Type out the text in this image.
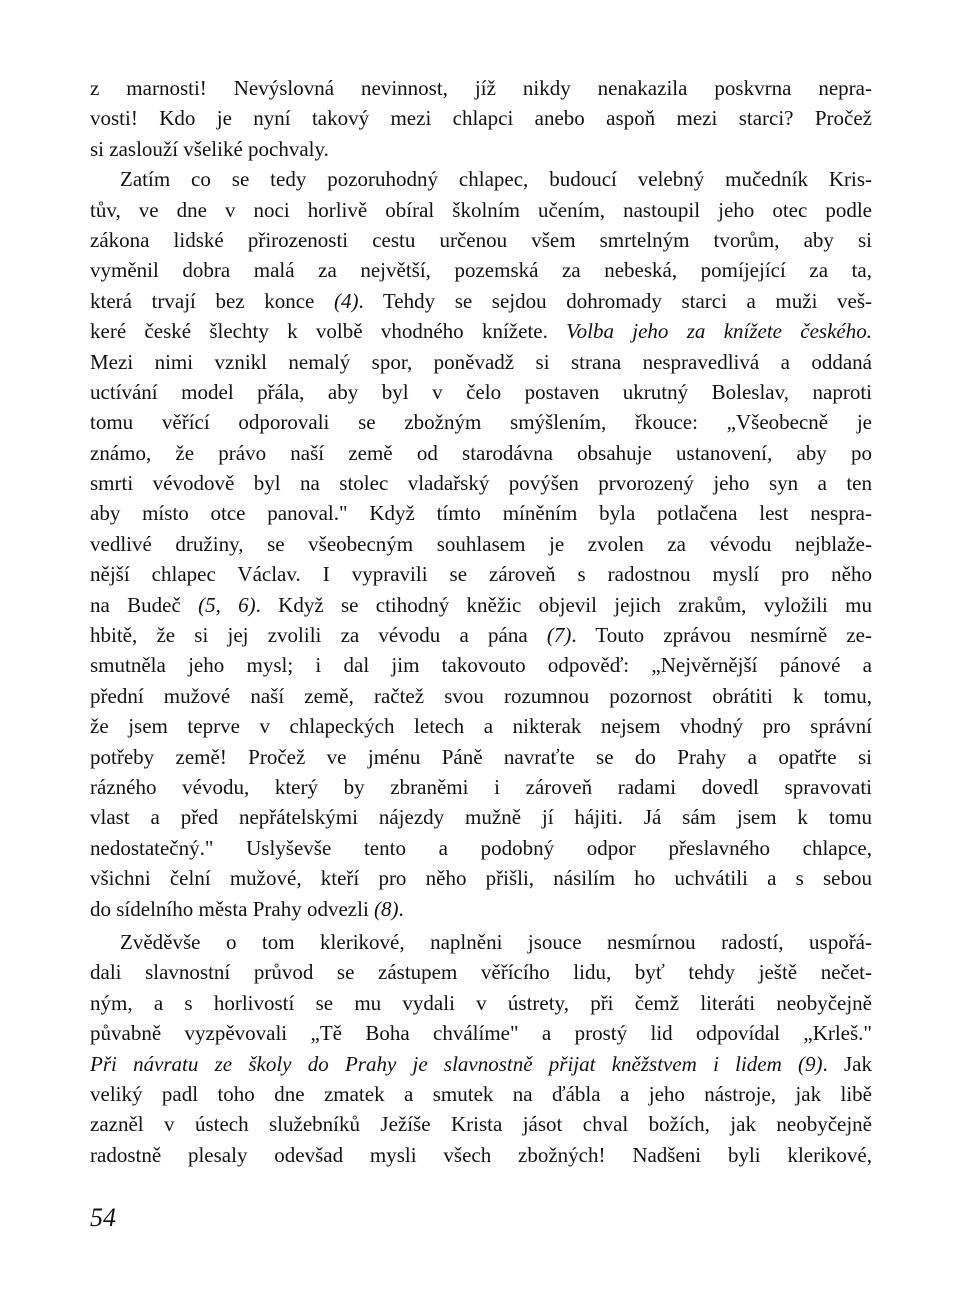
z marnosti! Nevýslovná nevinnost, jíž nikdy nenakazila poskvrna nepra-
vosti! Kdo je nyní takový mezi chlapci anebo aspoň mezi starci? Pročež
si zaslouží všeliké pochvaly.
Zatím co se tedy pozoruhodný chlapec, budoucí velebný mučedník Kris-
tův, ve dne v noci horlivě obíral školním učením, nastoupil jeho otec podle
zákona lidské přirozenosti cestu určenou všem smrtelným tvorům, aby si
vyměnil dobra malá za největší, pozemská za nebeská, pomíjející za ta,
která trvají bez konce (4). Tehdy se sejdou dohromady starci a muži veš-
keré české šlechty k volbě vhodného knížete. Volba jeho za knížete českého.
Mezi nimi vznikl nemalý spor, poněvadž si strana nespravedlivá a oddaná
uctívání model přála, aby byl v čelo postaven ukrutný Boleslav, naproti
tomu věřící odporovali se zbožným smýšlením, řkouce: „Všeobecně je
známo, že právo naší země od starodávna obsahuje ustanovení, aby po
smrti vévodově byl na stolec vladařský povýšen prvorozený jeho syn a ten
aby místo otce panoval." Když tímto míněním byla potlačena lest nespra-
vedlivé družiny, se všeobecným souhlasem je zvolen za vévodu nejblaže-
nější chlapec Václav. I vypravili se zároveň s radostnou myslí pro něho
na Budeč (5, 6). Když se ctihodný kněžic objevil jejich zrakům, vyložili mu
hbitě, že si jej zvolili za vévodu a pána (7). Touto zprávou nesmírně ze-
smutněla jeho mysl; i dal jim takovouto odpověď: „Nejvěrnější pánové a
přední mužové naší země, račtež svou rozumnou pozornost obrátiti k tomu,
že jsem teprve v chlapeckých letech a nikterak nejsem vhodný pro správní
potřeby země! Pročež ve jménu Páně navraťte se do Prahy a opatřte si
rázného vévodu, který by zbraněmi i zároveň radami dovedl spravovati
vlast a před nepřátelskými nájezdy mužně jí hájiti. Já sám jsem k tomu
nedostatečný." Uslyševše tento a podobný odpor přeslavného chlapce,
všichni čelní mužové, kteří pro něho přišli, násilím ho uchvátili a s sebou
do sídelního města Prahy odvezli (8).
Zvěděvše o tom klerikové, naplněni jsouce nesmírnou radostí, uspořá-
dali slavnostní průvod se zástupem věřícího lidu, byť tehdy ještě nečet-
ným, a s horlivostí se mu vydali v ústrety, při čemž literáti neobyčejně
půvabně vyzpěvovali „Tě Boha chválíme" a prostý lid odpovídal „Krleš."
Při návratu ze školy do Prahy je slavnostně přijat kněžstvem i lidem (9). Jak
veliký padl toho dne zmatek a smutek na ďábla a jeho nástroje, jak libě
zazněl v ústech služebníků Ježíše Krista jásot chval božích, jak neobyčejně
radostně plesaly odevšad mysli všech zbožných! Nadšeni byli klerikové,
54
